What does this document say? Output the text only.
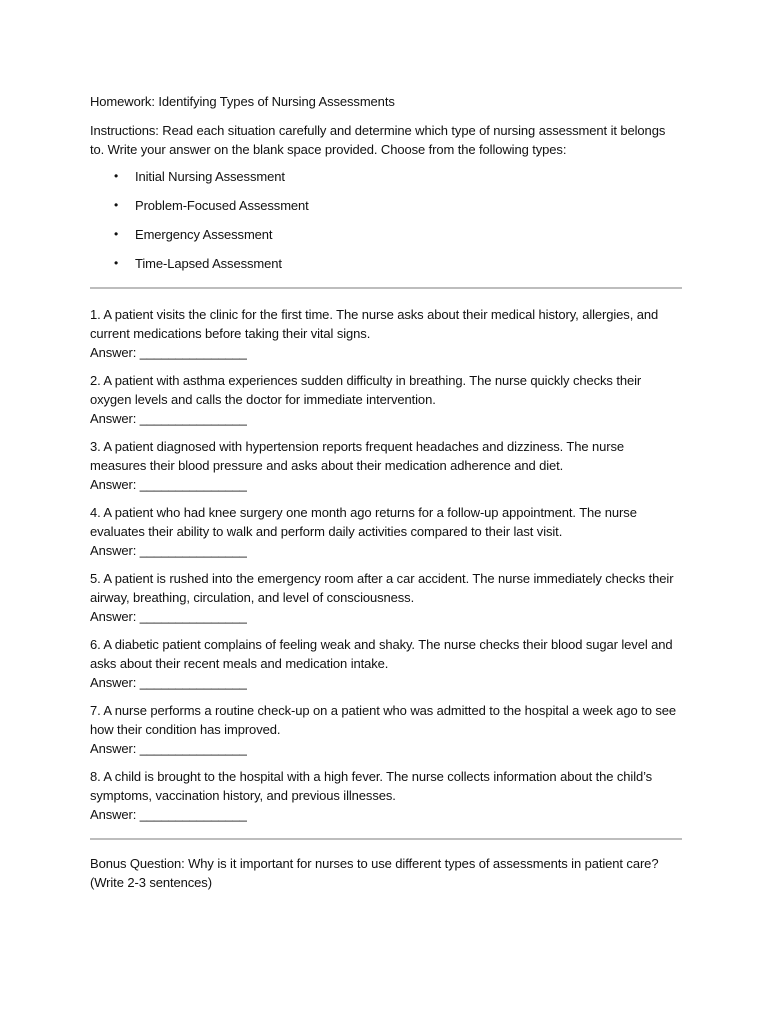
Homework: Identifying Types of Nursing Assessments

Instructions: Read each situation carefully and determine which type of nursing assessment it belongs to. Write your answer on the blank space provided. Choose from the following types:

• Initial Nursing Assessment
• Problem-Focused Assessment
• Emergency Assessment
• Time-Lapsed Assessment

1. A patient visits the clinic for the first time. The nurse asks about their medical history, allergies, and current medications before taking their vital signs.

Answer: _______________

2. A patient with asthma experiences sudden difficulty in breathing. The nurse quickly checks their oxygen levels and calls the doctor for immediate intervention.

Answer: _______________

3. A patient diagnosed with hypertension reports frequent headaches and dizziness. The nurse measures their blood pressure and asks about their medication adherence and diet.

Answer: _______________

4. A patient who had knee surgery one month ago returns for a follow-up appointment. The nurse evaluates their ability to walk and perform daily activities compared to their last visit.

Answer: _______________

5. A patient is rushed into the emergency room after a car accident. The nurse immediately checks their airway, breathing, circulation, and level of consciousness.

Answer: _______________

6. A diabetic patient complains of feeling weak and shaky. The nurse checks their blood sugar level and asks about their recent meals and medication intake.

Answer: _______________

7. A nurse performs a routine check-up on a patient who was admitted to the hospital a week ago to see how their condition has improved.

Answer: _______________

8. A child is brought to the hospital with a high fever. The nurse collects information about the child’s symptoms, vaccination history, and previous illnesses.

Answer: _______________

Bonus Question: Why is it important for nurses to use different types of assessments in patient care? (Write 2-3 sentences)
